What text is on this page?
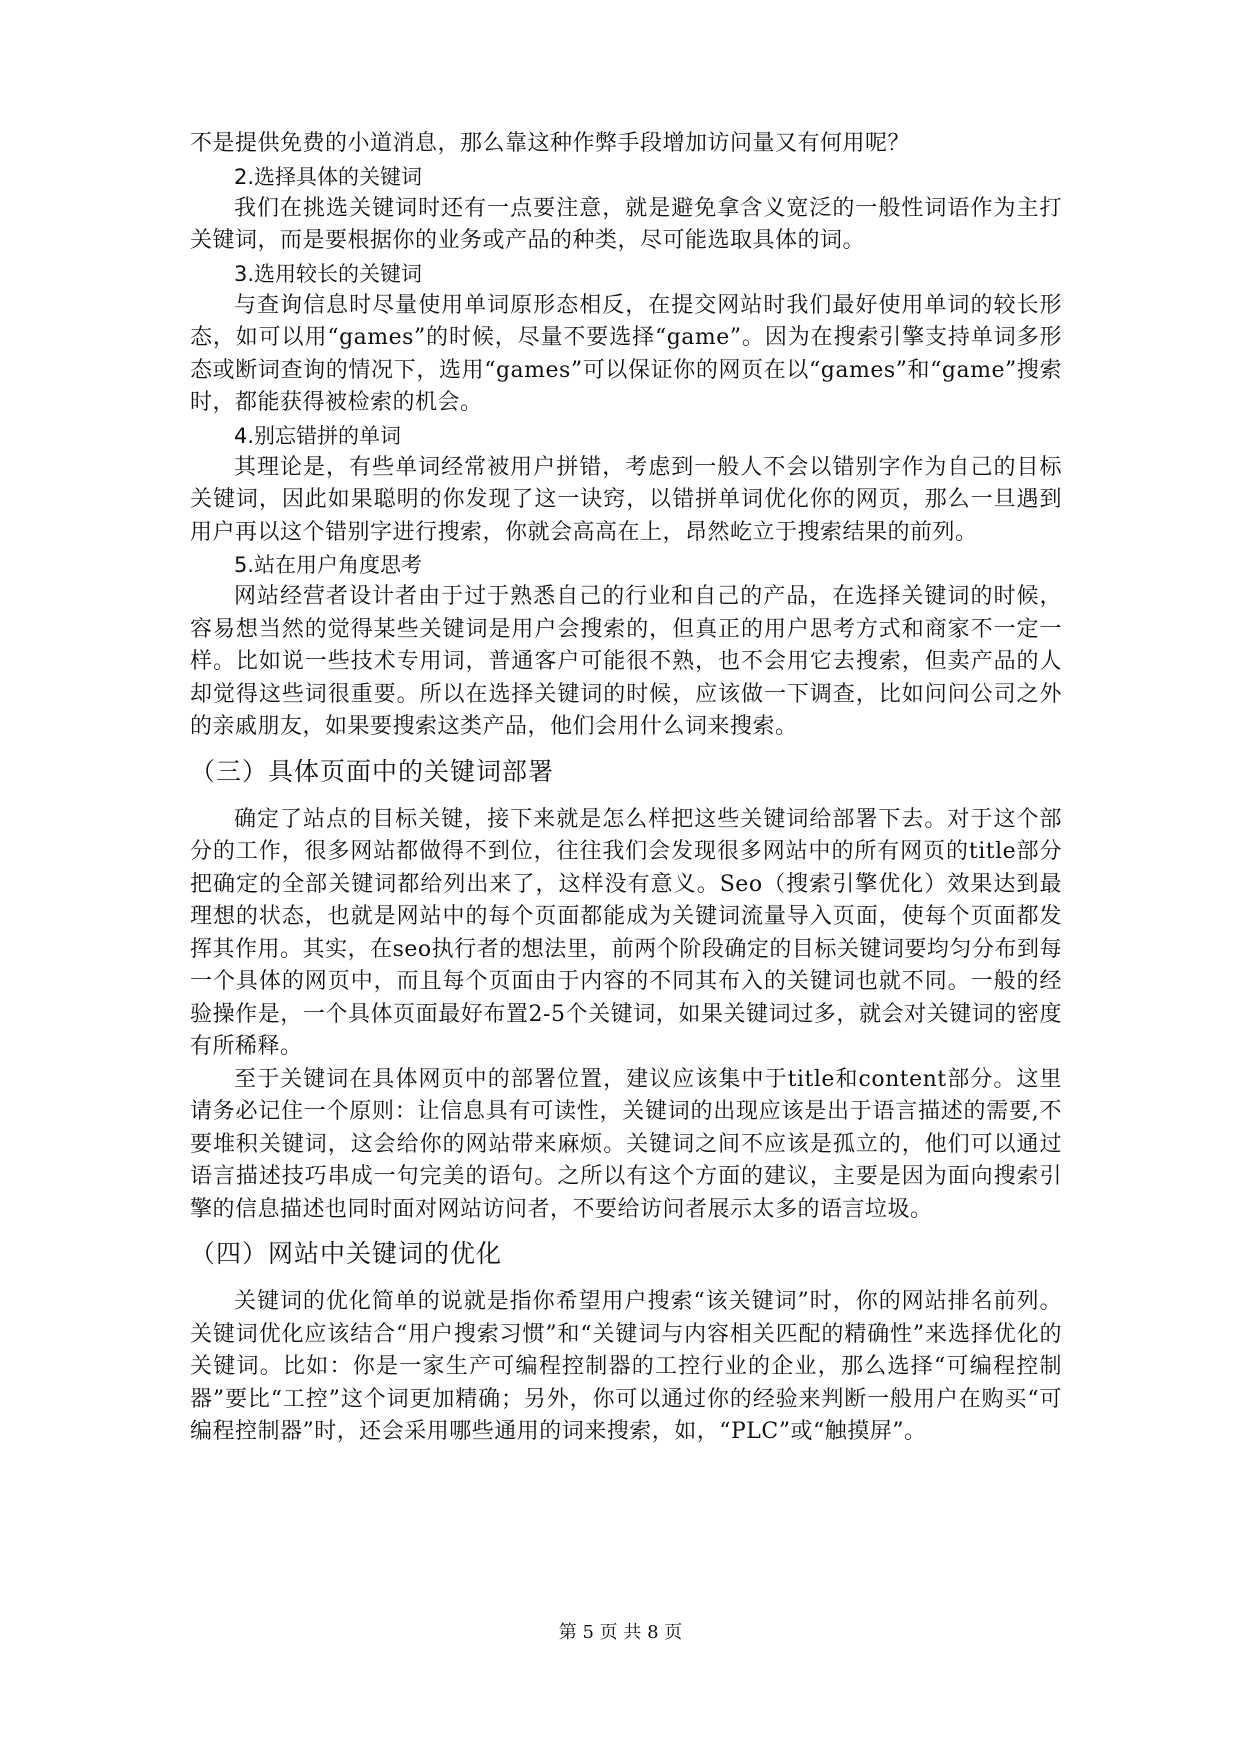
不是提供免费的小道消息，那么靠这种作弊手段增加访问量又有何用呢？

2.选择具体的关键词

我们在挑选关键词时还有一点要注意，就是避免拿含义宽泛的一般性词语作为主打关键词，而是要根据你的业务或产品的种类，尽可能选取具体的词。

3.选用较长的关键词

与查询信息时尽量使用单词原形态相反，在提交网站时我们最好使用单词的较长形态，如可以用“games”的时候，尽量不要选择“game”。因为在搜索引擎支持单词多形态或断词查询的情况下，选用“games”可以保证你的网页在以“games”和“game”搜索时，都能获得被检索的机会。

4.别忘错拼的单词

其理论是，有些单词经常被用户拼错，考虑到一般人不会以错别字作为自己的目标关键词，因此如果聪明的你发现了这一诀窍，以错拼单词优化你的网页，那么一旦遇到用户再以这个错别字进行搜索，你就会高高在上，昂然屹立于搜索结果的前列。

5.站在用户角度思考

网站经营者设计者由于过于熟悉自己的行业和自己的产品，在选择关键词的时候，容易想当然的觉得某些关键词是用户会搜索的，但真正的用户思考方式和商家不一定一样。比如说一些技术专用词，普通客户可能很不熟，也不会用它去搜索，但卖产品的人却觉得这些词很重要。所以在选择关键词的时候，应该做一下调查，比如问问公司之外的亲戚朋友，如果要搜索这类产品，他们会用什么词来搜索。

（三）具体页面中的关键词部署

确定了站点的目标关键，接下来就是怎么样把这些关键词给部署下去。对于这个部分的工作，很多网站都做得不到位，往往我们会发现很多网站中的所有网页的title部分把确定的全部关键词都给列出来了，这样没有意义。Seo（搜索引擎优化）效果达到最理想的状态，也就是网站中的每个页面都能成为关键词流量导入页面，使每个页面都发挥其作用。其实，在seo执行者的想法里，前两个阶段确定的目标关键词要均匀分布到每一个具体的网页中，而且每个页面由于内容的不同其布入的关键词也就不同。一般的经验操作是，一个具体页面最好布置2-5个关键词，如果关键词过多，就会对关键词的密度有所稀释。

至于关键词在具体网页中的部署位置，建议应该集中于title和content部分。这里请务必记住一个原则：让信息具有可读性，关键词的出现应该是出于语言描述的需要,不要堆积关键词，这会给你的网站带来麻烦。关键词之间不应该是孤立的，他们可以通过语言描述技巧串成一句完美的语句。之所以有这个方面的建议，主要是因为面向搜索引擎的信息描述也同时面对网站访问者，不要给访问者展示太多的语言垃圾。

（四）网站中关键词的优化

关键词的优化简单的说就是指你希望用户搜索“该关键词”时，你的网站排名前列。关键词优化应该结合“用户搜索习惯”和“关键词与内容相关匹配的精确性”来选择优化的关键词。比如：你是一家生产可编程控制器的工控行业的企业，那么选择“可编程控制器”要比“工控”这个词更加精确；另外，你可以通过你的经验来判断一般用户在购买“可编程控制器”时，还会采用哪些通用的词来搜索，如，“PLC”或“触摸屏”。

第 5 页 共 8 页
